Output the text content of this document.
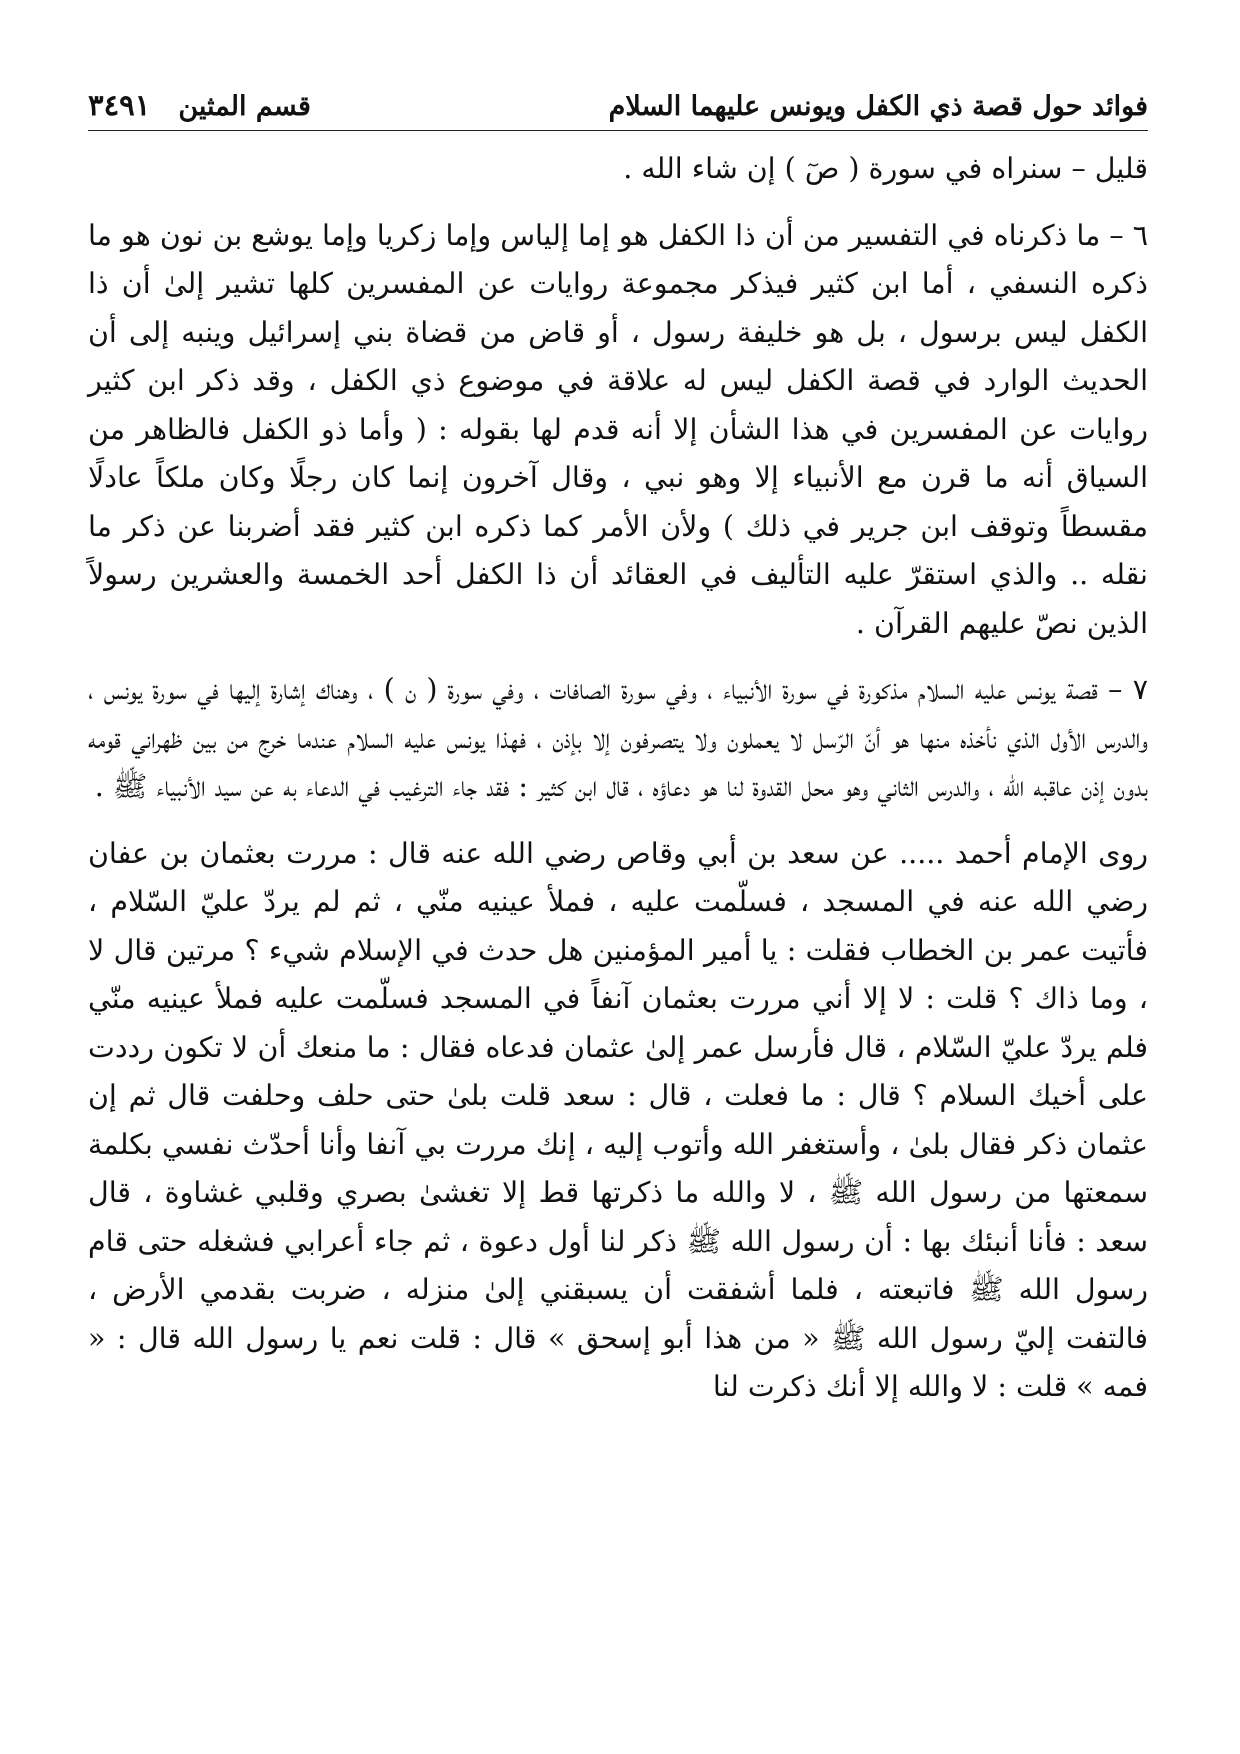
فوائد حول قصة ذي الكفل ويونس عليهما السلام
قسم المثين
٣٤٩١

قليل – سنراه في سورة ( صٓ ) إن شاء الله .

٦ – ما ذكرناه في التفسير من أن ذا الكفل هو إما إلياس وإما زكريا وإما يوشع بن نون هو ما ذكره النسفي ، أما ابن كثير فيذكر مجموعة روايات عن المفسرين كلها تشير إلىٰ أن ذا الكفل ليس برسول ، بل هو خليفة رسول ، أو قاض من قضاة بني إسرائيل وينبه إلى أن الحديث الوارد في قصة الكفل ليس له علاقة في موضوع ذي الكفل ، وقد ذكر ابن كثير روايات عن المفسرين في هذا الشأن إلا أنه قدم لها بقوله : ( وأما ذو الكفل فالظاهر من السياق أنه ما قرن مع الأنبياء إلا وهو نبي ، وقال آخرون إنما كان رجلًا وكان ملكاً عادلًا مقسطاً وتوقف ابن جرير في ذلك ) ولأن الأمر كما ذكره ابن كثير فقد أضربنا عن ذكر ما نقله .. والذي استقرّ عليه التأليف في العقائد أن ذا الكفل أحد الخمسة والعشرين رسولاً الذين نصّ عليهم القرآن .

٧ – قصة يونس عليه السلام مذكورة في سورة الأنبياء ، وفي سورة الصافات ، وفي سورة ( ن ) ، وهناك إشارة إليها في سورة يونس ، والدرس الأول الذي نأخذه منها هو أنّ الرّسل لا يعملون ولا يتصرفون إلا بإذن ، فهذا يونس عليه السلام عندما خرج من بين ظهراني قومه بدون إذن عاقبه الله ، والدرس الثاني وهو محل القدوة لنا هو دعاؤه ، قال ابن كثير : فقد جاء الترغيب في الدعاء به عن سيد الأنبياء ﷺ .

روى الإمام أحمد ..... عن سعد بن أبي وقاص رضي الله عنه قال : مررت بعثمان بن عفان رضي الله عنه في المسجد ، فسلّمت عليه ، فملأ عينيه منّي ، ثم لم يردّ عليّ السّلام ، فأتيت عمر بن الخطاب فقلت : يا أمير المؤمنين هل حدث في الإسلام شيء ؟ مرتين قال لا ، وما ذاك ؟ قلت : لا إلا أني مررت بعثمان آنفاً في المسجد فسلّمت عليه فملأ عينيه منّي فلم يردّ عليّ السّلام ، قال فأرسل عمر إلىٰ عثمان فدعاه فقال : ما منعك أن لا تكون رددت على أخيك السلام ؟ قال : ما فعلت ، قال : سعد قلت بلىٰ حتى حلف وحلفت قال ثم إن عثمان ذكر فقال بلىٰ ، وأستغفر الله وأتوب إليه ، إنك مررت بي آنفا وأنا أحدّث نفسي بكلمة سمعتها من رسول الله ﷺ ، لا والله ما ذكرتها قط إلا تغشىٰ بصري وقلبي غشاوة ، قال سعد : فأنا أنبئك بها : أن رسول الله ﷺ ذكر لنا أول دعوة ، ثم جاء أعرابي فشغله حتى قام رسول الله ﷺ فاتبعته ، فلما أشفقت أن يسبقني إلىٰ منزله ، ضربت بقدمي الأرض ، فالتفت إليّ رسول الله ﷺ « من هذا أبو إسحق » قال : قلت نعم يا رسول الله قال : « فمه » قلت : لا والله إلا أنك ذكرت لنا
